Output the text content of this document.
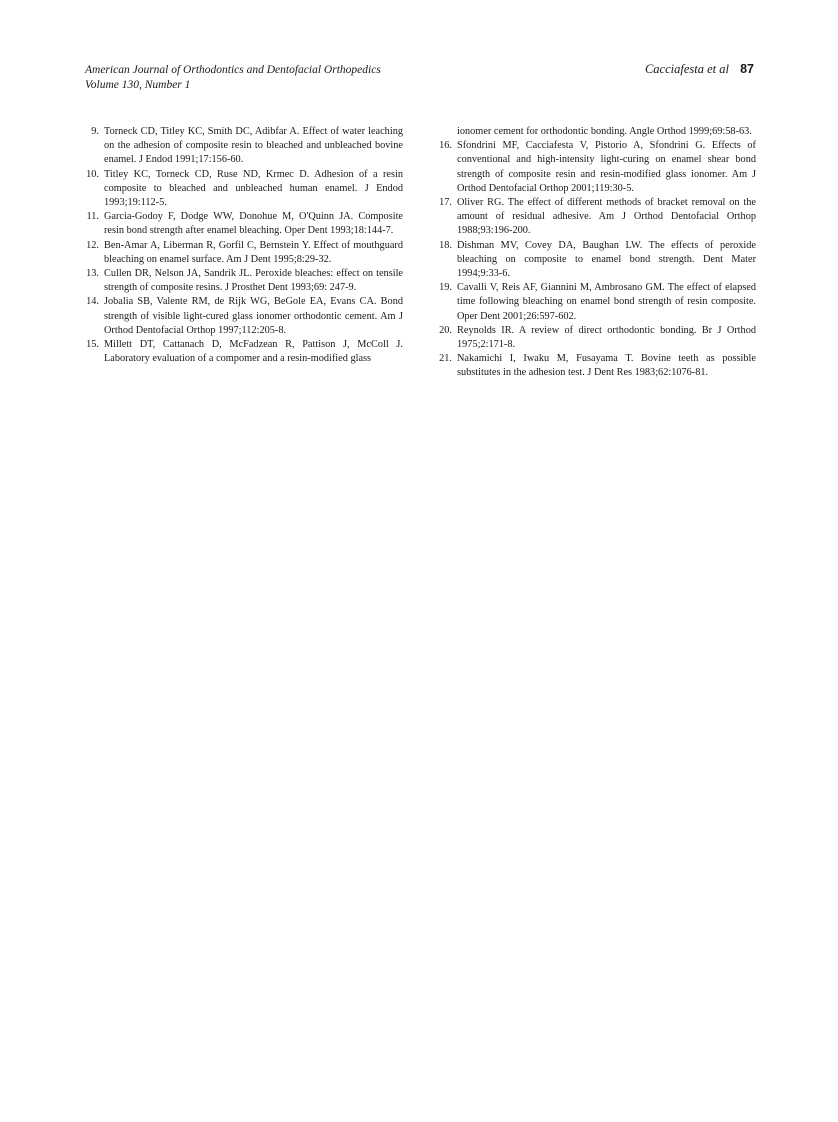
American Journal of Orthodontics and Dentofacial Orthopedics
Volume 130, Number 1
Cacciafesta et al 87
9. Torneck CD, Titley KC, Smith DC, Adibfar A. Effect of water leaching on the adhesion of composite resin to bleached and unbleached bovine enamel. J Endod 1991;17:156-60.
10. Titley KC, Torneck CD, Ruse ND, Krmec D. Adhesion of a resin composite to bleached and unbleached human enamel. J Endod 1993;19:112-5.
11. Garcia-Godoy F, Dodge WW, Donohue M, O'Quinn JA. Composite resin bond strength after enamel bleaching. Oper Dent 1993;18:144-7.
12. Ben-Amar A, Liberman R, Gorfil C, Bernstein Y. Effect of mouthguard bleaching on enamel surface. Am J Dent 1995;8:29-32.
13. Cullen DR, Nelson JA, Sandrik JL. Peroxide bleaches: effect on tensile strength of composite resins. J Prosthet Dent 1993;69: 247-9.
14. Jobalia SB, Valente RM, de Rijk WG, BeGole EA, Evans CA. Bond strength of visible light-cured glass ionomer orthodontic cement. Am J Orthod Dentofacial Orthop 1997;112:205-8.
15. Millett DT, Cattanach D, McFadzean R, Pattison J, McColl J. Laboratory evaluation of a compomer and a resin-modified glass
ionomer cement for orthodontic bonding. Angle Orthod 1999;69:58-63.
16. Sfondrini MF, Cacciafesta V, Pistorio A, Sfondrini G. Effects of conventional and high-intensity light-curing on enamel shear bond strength of composite resin and resin-modified glass ionomer. Am J Orthod Dentofacial Orthop 2001;119:30-5.
17. Oliver RG. The effect of different methods of bracket removal on the amount of residual adhesive. Am J Orthod Dentofacial Orthop 1988;93:196-200.
18. Dishman MV, Covey DA, Baughan LW. The effects of peroxide bleaching on composite to enamel bond strength. Dent Mater 1994;9:33-6.
19. Cavalli V, Reis AF, Giannini M, Ambrosano GM. The effect of elapsed time following bleaching on enamel bond strength of resin composite. Oper Dent 2001;26:597-602.
20. Reynolds IR. A review of direct orthodontic bonding. Br J Orthod 1975;2:171-8.
21. Nakamichi I, Iwaku M, Fusayama T. Bovine teeth as possible substitutes in the adhesion test. J Dent Res 1983;62:1076-81.
